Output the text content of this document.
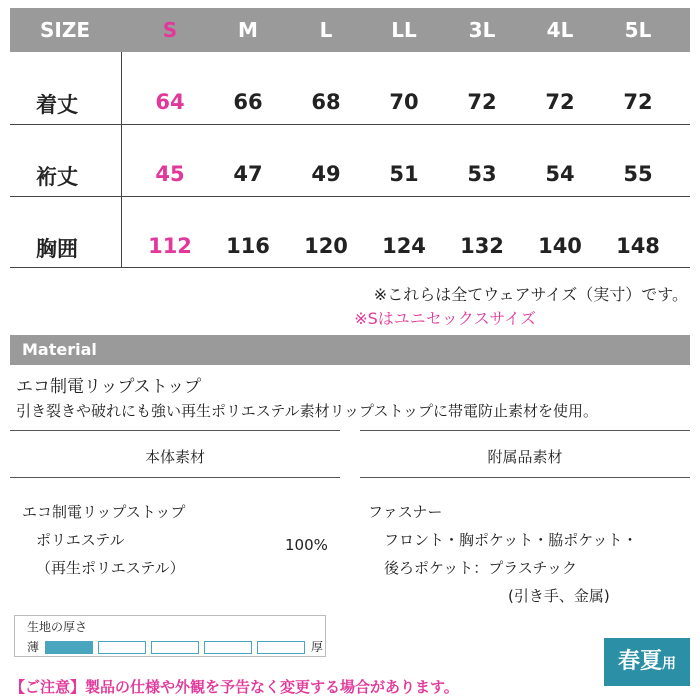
SIZE	S	M	L	LL	3L	4L	5L
着丈	64	66	68	70	72	72	72
裄丈	45	47	49	51	53	54	55
胸囲	112	116	120	124	132	140	148
※これらは全てウェアサイズ（実寸）です。
※Sはユニセックスサイズ
Material
エコ制電リップストップ
引き裂きや破れにも強い再生ポリエステル素材リップストップに帯電防止素材を使用。
本体素材	附属品素材
エコ制電リップストップ
ポリエステル
（再生ポリエステル）
100%
ファスナー
フロント・胸ポケット・脇ポケット・
後ろポケット：プラスチック
(引き手、金属)
生地の厚さ
薄	厚
【ご注意】製品の仕様や外観を予告なく変更する場合があります。
春夏用
